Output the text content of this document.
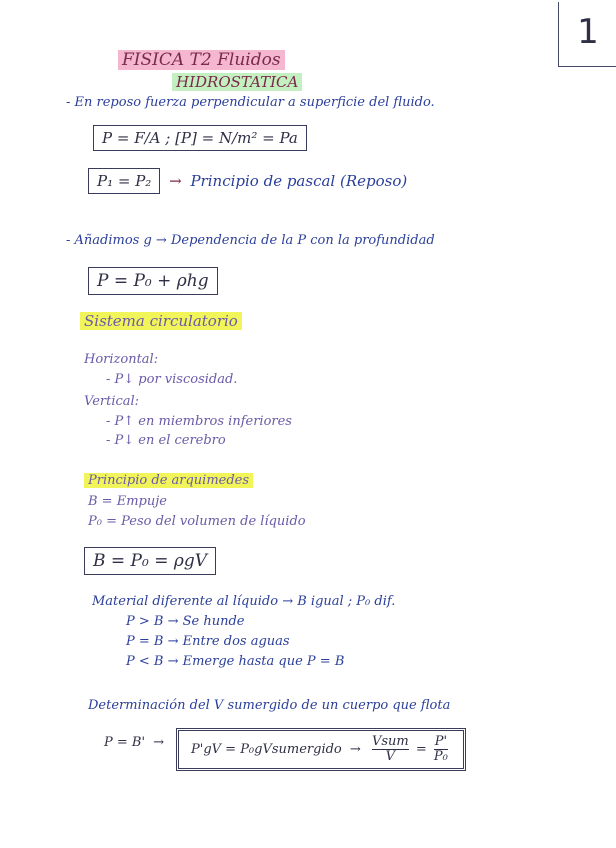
1
FISICA T2 Fluidos
HIDROSTATICA
- En reposo fuerza perpendicular a superficie del fluido.
P = F/A ; [P] = N/m² = Pa
P₁ = P₂ → Principio de pascal (Reposo)
- Añadimos g → Dependencia de la P con la profundidad
P = P₀ + ρhg
Sistema circulatorio
Horizontal:
- P↓ por viscosidad.
Vertical:
- P↑ en miembros inferiores
- P↓ en el cerebro
Principio de arquimedes
B = Empuje
P₀ = Peso del volumen de líquido
B = P₀ = ρgV
Material diferente al líquido → B igual ; P₀ dif.
P > B → Se hunde
P = B → Entre dos aguas
P < B → Emerge hasta que P = B
Determinación del V sumergido de un cuerpo que flota
P = B' →	P'gV = P₀gVsumergido → $\frac{\text{Vsum}}{V} = \frac{P'}{\text{P₀}}$
